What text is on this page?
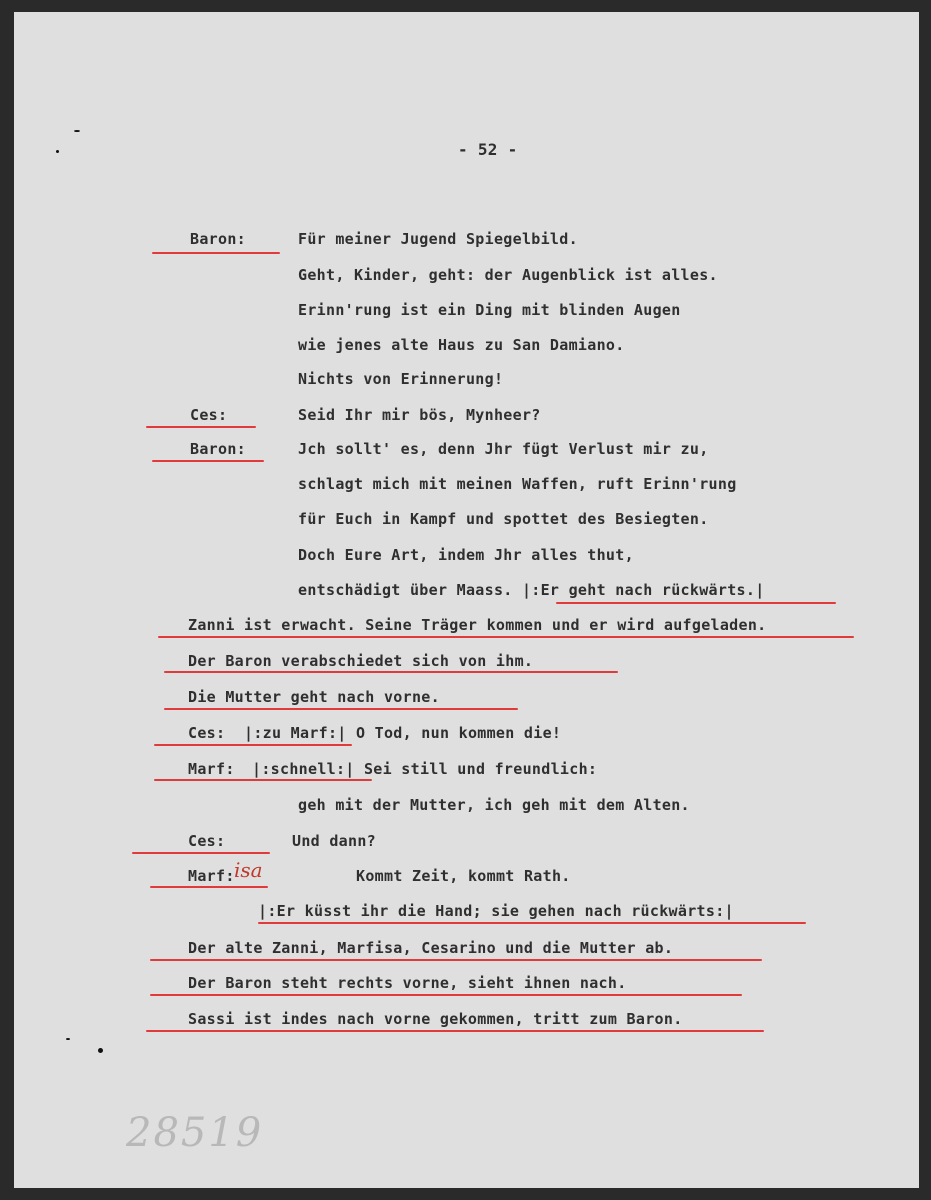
- 52 -
Baron:	Für meiner Jugend Spiegelbild.
Geht, Kinder, geht: der Augenblick ist alles.
Erinn'rung ist ein Ding mit blinden Augen
wie jenes alte Haus zu San Damiano.
Nichts von Erinnerung!
Ces:	Seid Ihr mir bös, Mynheer?
Baron:	Jch sollt' es, denn Jhr fügt Verlust mir zu,
schlagt mich mit meinen Waffen, ruft Erinn'rung
für Euch in Kampf und spottet des Besiegten.
Doch Eure Art, indem Jhr alles thut,
entschädigt über Maass. |:Er geht nach rückwärts.|
Zanni ist erwacht. Seine Träger kommen und er wird aufgeladen.
Der Baron verabschiedet sich von ihm.
Die Mutter geht nach vorne.
Ces: |:zu Marf:| O Tod, nun kommen die!
Marf: |:schnell:| Sei still und freundlich:
geh mit der Mutter, ich geh mit dem Alten.
Ces:	Und dann?
Marf: isa	Kommt Zeit, kommt Rath.
|:Er küsst ihr die Hand; sie gehen nach rückwärts:|
Der alte Zanni, Marfisa, Cesarino und die Mutter ab.
Der Baron steht rechts vorne, sieht ihnen nach.
Sassi ist indes nach vorne gekommen, tritt zum Baron.
28519
